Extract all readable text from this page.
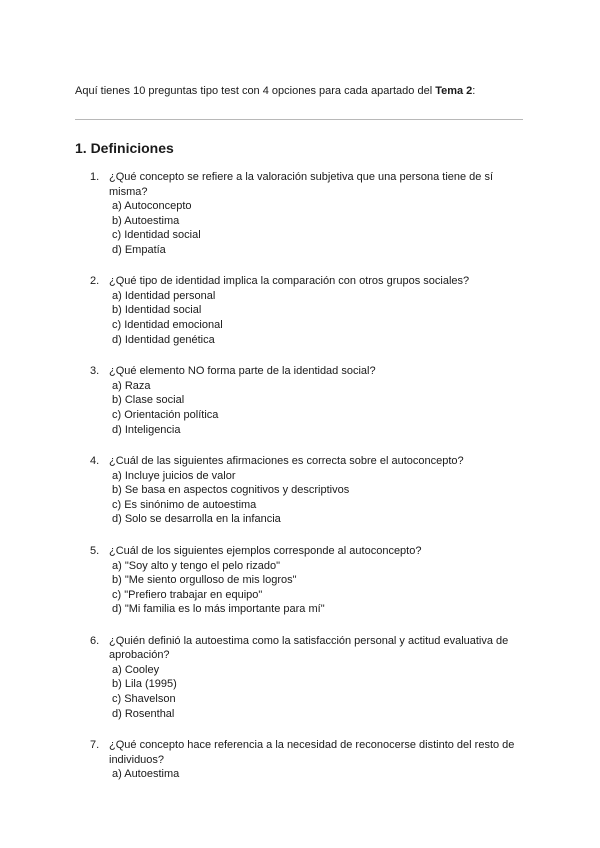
Aquí tienes 10 preguntas tipo test con 4 opciones para cada apartado del Tema 2:
1. Definiciones
1. ¿Qué concepto se refiere a la valoración subjetiva que una persona tiene de sí misma?
a) Autoconcepto
b) Autoestima
c) Identidad social
d) Empatía
2. ¿Qué tipo de identidad implica la comparación con otros grupos sociales?
a) Identidad personal
b) Identidad social
c) Identidad emocional
d) Identidad genética
3. ¿Qué elemento NO forma parte de la identidad social?
a) Raza
b) Clase social
c) Orientación política
d) Inteligencia
4. ¿Cuál de las siguientes afirmaciones es correcta sobre el autoconcepto?
a) Incluye juicios de valor
b) Se basa en aspectos cognitivos y descriptivos
c) Es sinónimo de autoestima
d) Solo se desarrolla en la infancia
5. ¿Cuál de los siguientes ejemplos corresponde al autoconcepto?
a) "Soy alto y tengo el pelo rizado"
b) "Me siento orgulloso de mis logros"
c) "Prefiero trabajar en equipo"
d) "Mi familia es lo más importante para mí"
6. ¿Quién definió la autoestima como la satisfacción personal y actitud evaluativa de aprobación?
a) Cooley
b) Lila (1995)
c) Shavelson
d) Rosenthal
7. ¿Qué concepto hace referencia a la necesidad de reconocerse distinto del resto de individuos?
a) Autoestima
